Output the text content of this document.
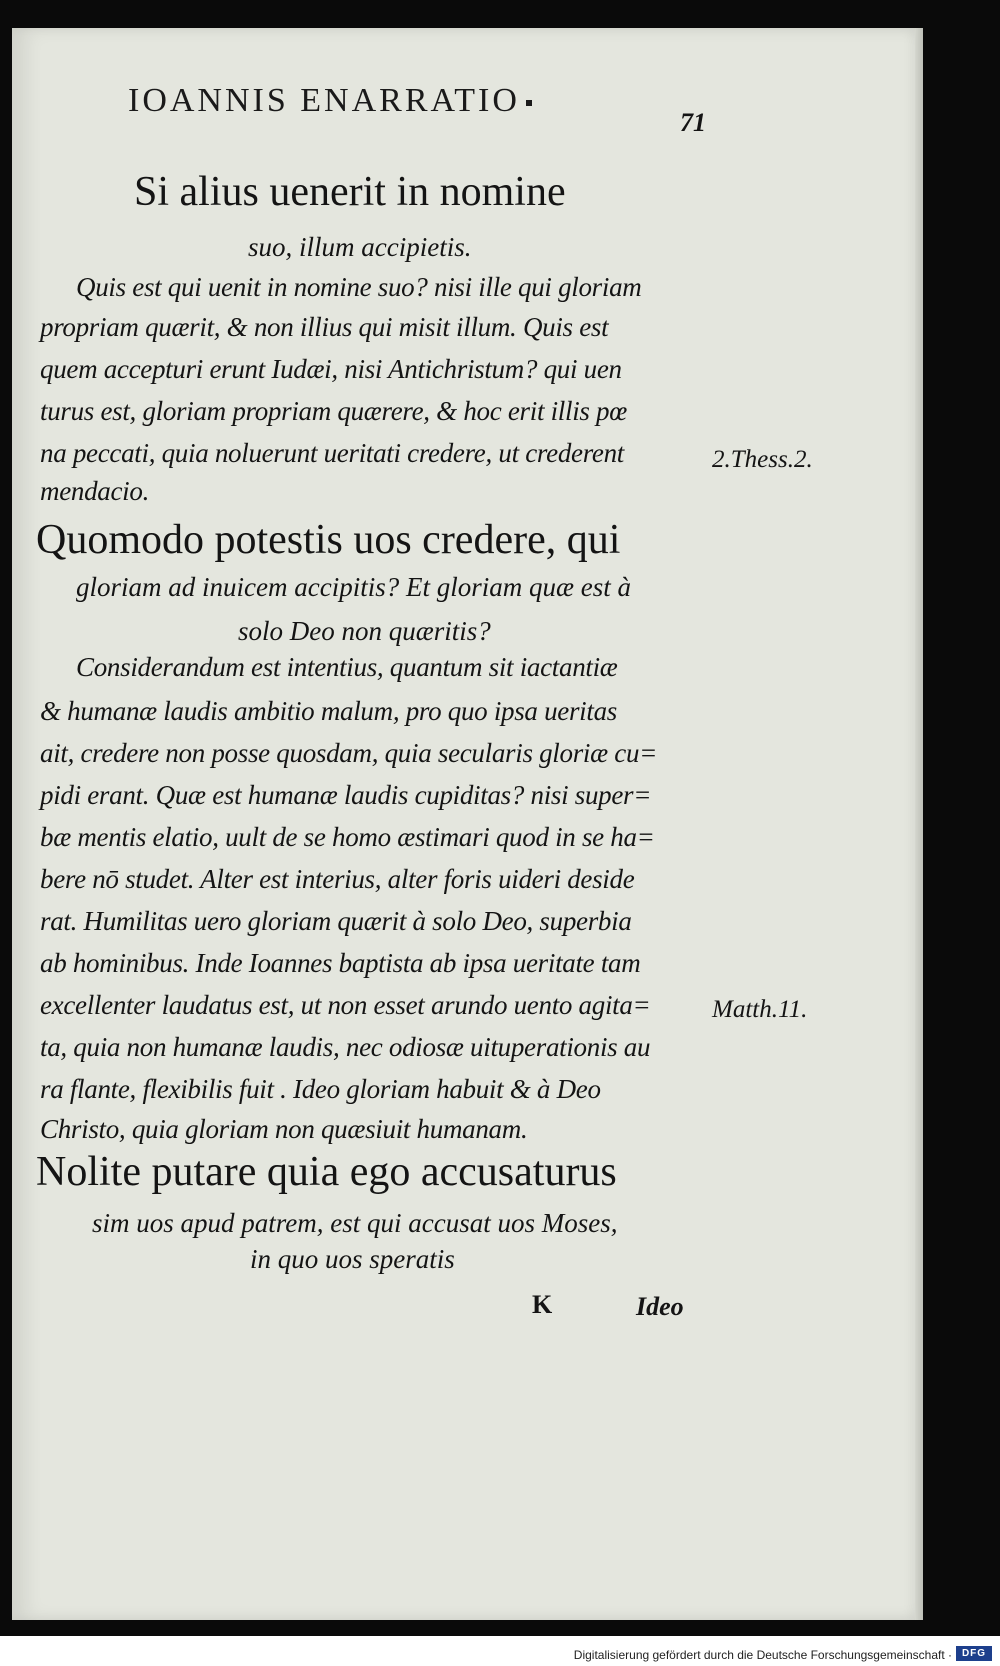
IOANNIS ENARRATIO
71
Si alius uenerit in nomine
suo, illum accipietis.
Quis est qui uenit in nomine suo? nisi ille qui gloriam
propriam quærit, & non illius qui misit illum. Quis est
quem accepturi erunt Iudæi, nisi Antichristum? qui uen
turus est, gloriam propriam quærere, & hoc erit illis pœ
na peccati, quia noluerunt ueritati credere, ut crederent
mendacio.
2.Thess.2.
Quomodo potestis uos credere, qui
gloriam ad inuicem accipitis? Et gloriam quæ est à
solo Deo non quæritis?
Considerandum est intentius, quantum sit iactantiæ
& humanæ laudis ambitio malum, pro quo ipsa ueritas
ait, credere non posse quosdam, quia secularis gloriæ cu=
pidi erant. Quæ est humanæ laudis cupiditas? nisi super=
bæ mentis elatio, uult de se homo æstimari quod in se ha=
bere nō studet. Alter est interius, alter foris uideri deside
rat. Humilitas uero gloriam quærit à solo Deo, superbia
ab hominibus. Inde Ioannes baptista ab ipsa ueritate tam
excellenter laudatus est, ut non esset arundo uento agita=
ta, quia non humanæ laudis, nec odiosæ uituperationis au
ra flante, flexibilis fuit . Ideo gloriam habuit & à Deo
Christo, quia gloriam non quæsiuit humanam.
Matth.11.
Nolite putare quia ego accusaturus
sim uos apud patrem, est qui accusat uos Moses,
in quo uos speratis
K	Ideo
Digitalisierung gefördert durch die Deutsche Forschungsgemeinschaft · DFG
